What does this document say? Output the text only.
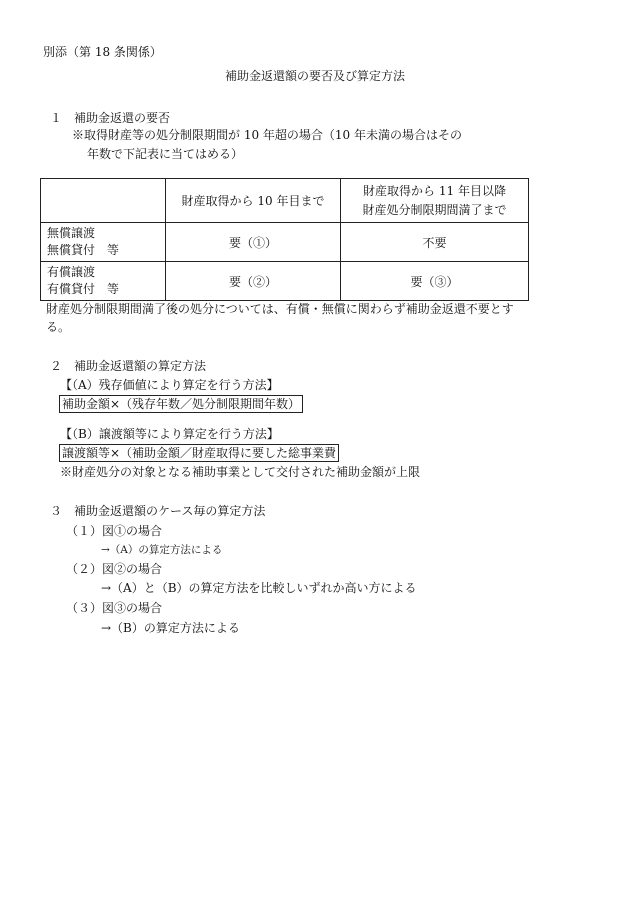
別添（第 18 条関係）
補助金返還額の要否及び算定方法
１　補助金返還の要否
※取得財産等の処分制限期間が 10 年超の場合（10 年未満の場合はその
年数で下記表に当てはめる）
	財産取得から 10 年目まで	財産取得から 11 年目以降
財産処分制限期間満了まで

無償譲渡
無償貸付　等	要（①）	不要

有償譲渡
有償貸付　等	要（②）	要（③）
財産処分制限期間満了後の処分については、有償・無償に関わらず補助金返還不要とす
る。
２　補助金返還額の算定方法
【（A）残存価値により算定を行う方法】
補助金額×（残存年数／処分制限期間年数）
【（B）譲渡額等により算定を行う方法】
譲渡額等×（補助金額／財産取得に要した総事業費
※財産処分の対象となる補助事業として交付された補助金額が上限
３　補助金返還額のケース毎の算定方法
（１）図①の場合
→（A）の算定方法による
（２）図②の場合
→（A）と（B）の算定方法を比較しいずれか高い方による
（３）図③の場合
→（B）の算定方法による
